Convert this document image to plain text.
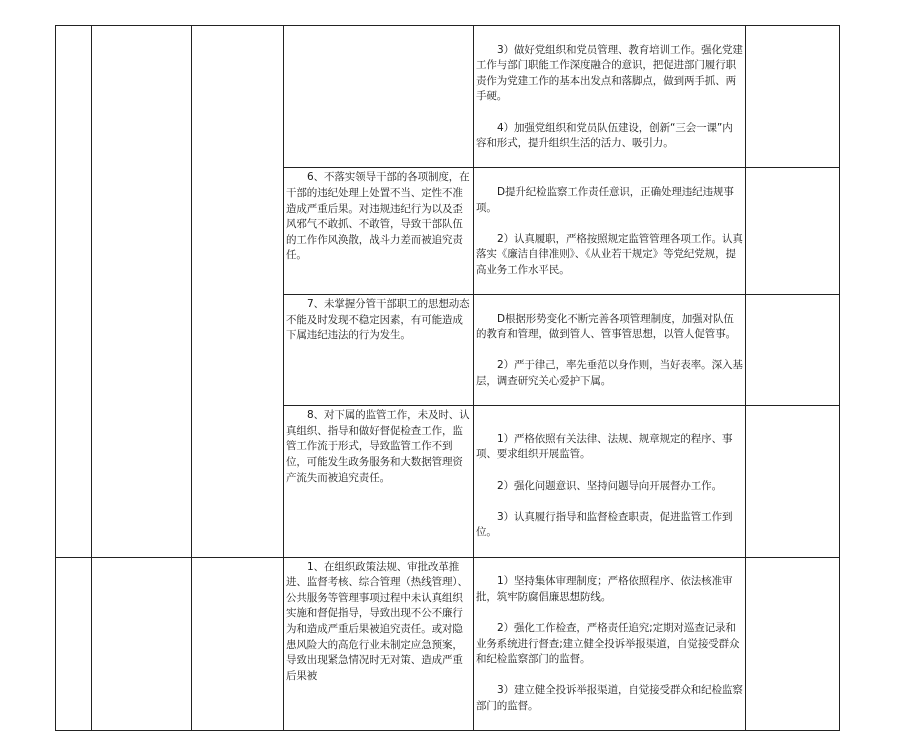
				3）做好党组织和党员管理、教育培训工作。强化党建工作与部门职能工作深度融合的意识，把促进部门履行职责作为党建工作的基本出发点和落脚点，做到两手抓、两手硬。

4）加强党组织和党员队伍建设，创新“三会一课”内容和形式，提升组织生活的活力、吸引力。	

			6、不落实领导干部的各项制度，在干部的违纪处理上处置不当、定性不准造成严重后果。对违规违纪行为以及歪风邪气不敢抓、不敢管，导致干部队伍的工作作风涣散，战斗力差而被追究责任。	D提升纪检监察工作责任意识，正确处理违纪违规事项。

2）认真履职，严格按照规定监管管理各项工作。认真落实《廉洁自律准则》、《从业若干规定》等党纪党规，提高业务工作水平民。	

			7、未掌握分管干部职工的思想动态不能及时发现不稳定因素，有可能造成下属违纪违法的行为发生。	D根据形势变化不断完善各项管理制度，加强对队伍的教育和管理，做到管人、管事管思想，以管人促管事。

2）严于律己，率先垂范以身作则，当好表率。深入基层，调查研究关心爱护下属。	

			8、对下属的监管工作，未及时、认真组织、指导和做好督促检查工作，监管工作流于形式，导致监管工作不到位，可能发生政务服务和大数据管理资产流失而被追究责任。	1）严格依照有关法律、法规、规章规定的程序、事项、要求组织开展监管。

2）强化问题意识、坚持问题导向开展督办工作。

3）认真履行指导和监督检查职责，促进监管工作到位。	

			1、在组织政策法规、审批改革推进、监督考核、综合管理（热线管理）、公共服务等管理事项过程中未认真组织实施和督促指导，导致出现不公不廉行为和造成严重后果被追究责任。或对隐患风险大的高危行业未制定应急预案，导致出现紧急情况时无对策、造成严重后果被	1）坚持集体审理制度；严格依照程序、依法核准审批，筑牢防腐倡廉思想防线。

2）强化工作检查，严格责任追究;定期对巡查记录和业务系统进行督查;建立健全投诉举报渠道，自觉接受群众和纪检监察部门的监督。

3）建立健全投诉举报渠道，自觉接受群众和纪检监察部门的监督。	
